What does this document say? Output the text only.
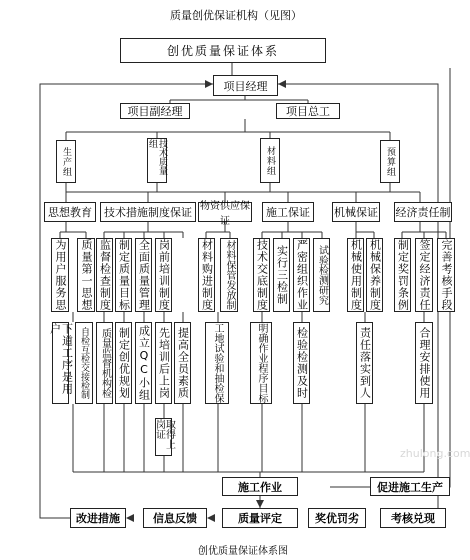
质量创优保证机构（见图）
创优质量保证体系
项目经理
项目副经理	项目总工
生产组	技术质量组
材料组	预算组
思想教育	技术措施制度保证 物资供应保证
施工保证	机械保证 经济责任制
为用户服务思 质量第一思想 监督检查制度 制定质量目标 全面质量管理 岗前培训制度	材料购进制度	材料保管发放制 技术交底制度 实行三检制 严密组织作业 试验检测研究 机械使用制度 机械保养制度 制定奖罚条例 签定经济责任 完善考核手段
下道工序是用户	自检互检交接检制	质量监督机构检 制定创优规划 成立QC小组 先培训后上岗 提高全员素质	工地试验和抽检保	明确作业程序目标	检验检测及时	责任落实到人	合理安排使用
取得上岗证
施工作业	促进施工生产
改进措施	信息反馈	质量评定	奖优罚劣	考核兑现
创优质量保证体系图
zhulong.com
